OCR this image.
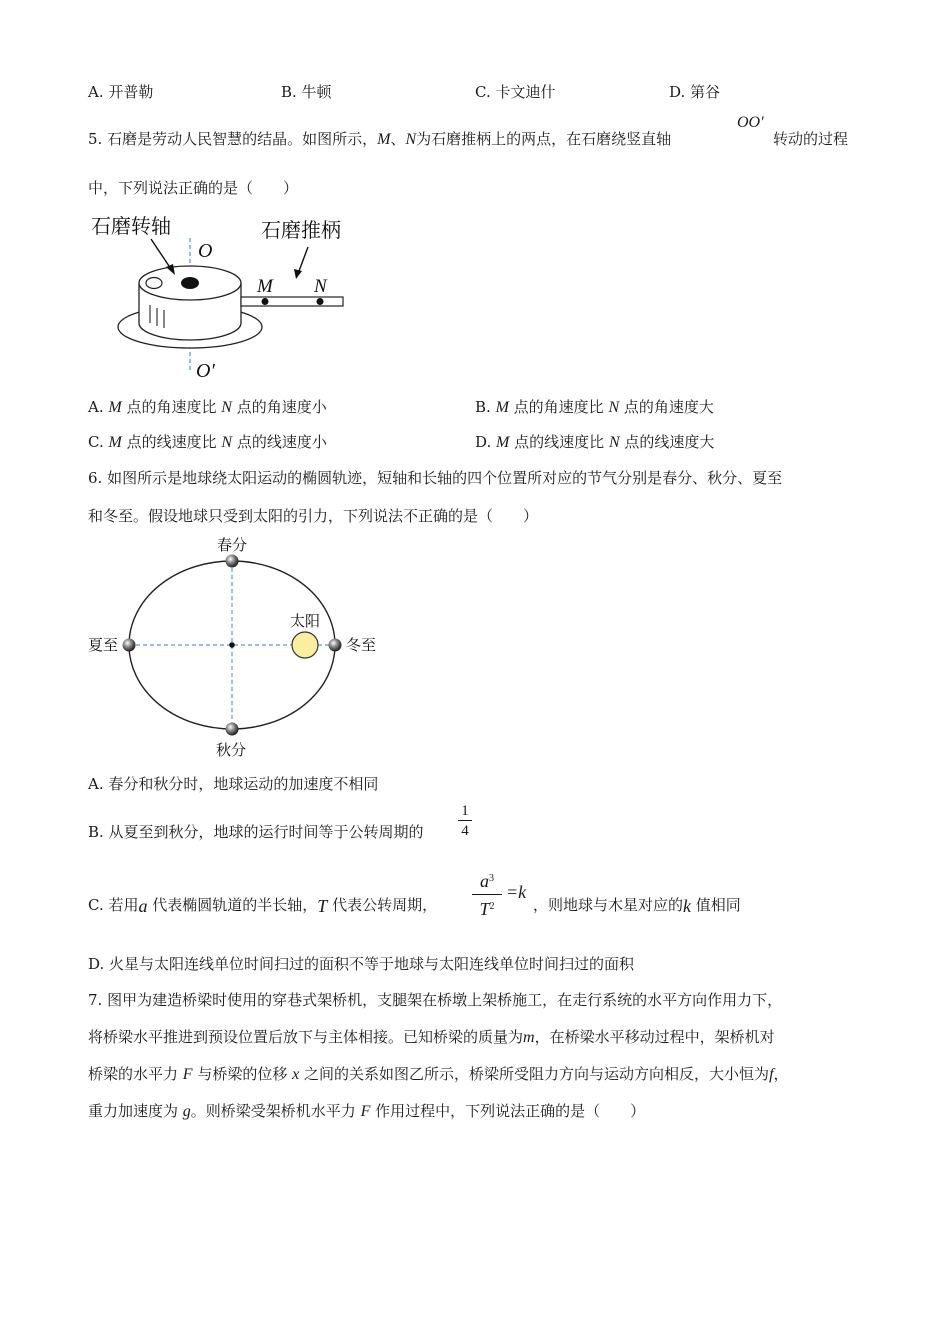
A. 开普勒	B. 牛顿	C. 卡文迪什	D. 第谷
5. 石磨是劳动人民智慧的结晶。如图所示，M、N为石磨推柄上的两点，在石磨绕竖直轴
OO′
转动的过程
中，下列说法正确的是（　　）
石磨转轴	石磨推柄
O
O′
M N
A. M 点的角速度比 N 点的角速度小	B. M 点的角速度比 N 点的角速度大
C. M 点的线速度比 N 点的线速度小	D. M 点的线速度比 N 点的线速度大
6. 如图所示是地球绕太阳运动的椭圆轨迹，短轴和长轴的四个位置所对应的节气分别是春分、秋分、夏至
和冬至。假设地球只受到太阳的引力，下列说法不正确的是（　　）
春分
秋分
夏至	冬至
太阳
A. 春分和秋分时，地球运动的加速度不相同
B. 从夏至到秋分，地球的运行时间等于公转周期的 $\frac{1}{4}$
C. 若用a 代表椭圆轨道的半长轴，T 代表公转周期， $\frac{a^3}{T^2} =k$
，则地球与木星对应的k 值相同
D. 火星与太阳连线单位时间扫过的面积不等于地球与太阳连线单位时间扫过的面积
7. 图甲为建造桥梁时使用的穿巷式架桥机，支腿架在桥墩上架桥施工，在走行系统的水平方向作用力下，
将桥梁水平推进到预设位置后放下与主体相接。已知桥梁的质量为m，在桥梁水平移动过程中，架桥机对
桥梁的水平力 F 与桥梁的位移 x 之间的关系如图乙所示，桥梁所受阻力方向与运动方向相反，大小恒为f，
重力加速度为 g。则桥梁受架桥机水平力 F 作用过程中，下列说法正确的是（　　）
